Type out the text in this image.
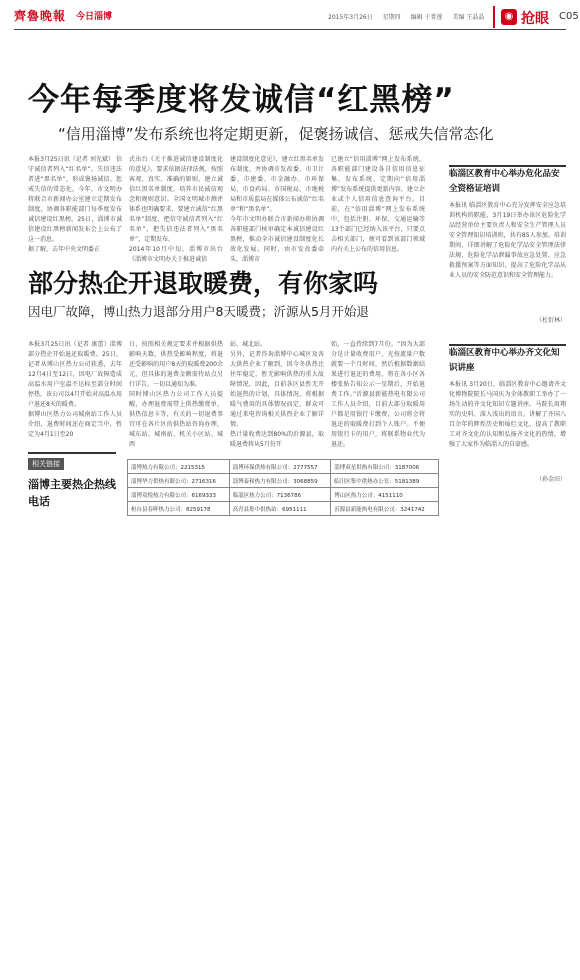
齊魯晚報 今日淄博	2015年3月26日 星期四 编辑 于菁莲 美编 王晶晶	◉ 抢眼 C05
今年每季度将发诚信“红黑榜”
“信用淄博”发布系统也将定期更新，促褒扬诚信、惩戒失信常态化
本报3月25日讯（记者 刘光斌） 信守诚信者列入“红名单”，失信违法者进“黑名单”，形成褒扬诚信、惩戒失信的常态化。今年，市文明办将联合市新闻办公室建立定期发布制度，协调各职能部门每季度发布诚信建设红黑榜。25日，淄博市诚信建设红黑榜新闻发布会上公布了这一消息。
据了解，去年中央文明委正
式出台《关于推进诚信建设制度化的意见》，要求依据法律法规，按照客观、真实、准确的原则，建立诚信红黑名单制度，培养市民诚信观念和规则意识。全国文明城市测评体系也明确要求，要建立诚信“红黑名单”制度，把信守诚信者列入“红名单”，把失信违法者列入“黑名单”，定期发布。
2014年10月中旬，淄博市出台《淄博市文明办关于推进诚信
建设制度化意见》，建立红黑名单发布制度，并协调市发改委、市卫计委、市建委、市金融办、市环保局、市食药局、市国税局、市地税局和市质监局在媒体公布诚信“红名单”和“黑名单”。
今年市文明办联合市新闻办将协调各职能部门核审确定本诚信建设红黑榜，推动全市诚信建设制度化长效化发展。同时，由市发改委牵头，淄博市
已建立“信用淄博”网上发布系统，各职能部门建设各自信用信息征集，发布系统，定期向“信用淄博”发布系统提供更新内容，建立企业或个人信用信息查询平台。目前，在“信用淄博”网上发布系统中，包括注册、环保、交通运输等13个部门已经纳入该平台，只要点击相关部门，便可看到该部门领域内有关上公布的信用信息。
临淄区教育中心举办危化品安全资格证培训
本报讯 临淄区教育中心充分发挥安全应急培训机构的职能，3月19日举办该区危险化学品经营单位主要负责人和安全生产管理人员安全管理知识培训班，共有85人参加。培训期间，详细讲解了危险化学品安全管理法律法规、危险化学品泄漏事故应急处置、应急救援预案等方面知识，提高了危险化学品从业人员的安全防范意识和安全管理能力。
（杜衍林）
临淄区教育中心举办齐文化知识讲座
本报讯 3月20日，临淄区教育中心邀请齐文化博物院院长马国庆为全体教职工举办了一场生动的齐文化知识专题讲座。马院长用翔实的史料、深入浅出的语言，讲解了齐国八百余年的辉煌历史和灿烂文化，提高了教职工对齐文化的认知和弘扬齐文化的热情，增强了大家作为临淄人的自豪感。
（孙金田）
部分热企开退取暖费，有你家吗
因电厂故障，博山热力退部分用户8天暖费；沂源从5月开始退
本报3月25日讯（记者 康蕾）淄博部分热企开始退还取暖费。25日，记者从博山区热力公司获悉，去年12月4日至12日，因电厂故障造成高温水用户室温不达标至部分时间停热，该公司以4月开始对高温水用户退还8天的暖费。
据博山区热力公司城南站工作人员介绍，退费时间还在商定当中，暂定为4月1日至20
日，按照相关规定要求并根据供热影响天数，供热受影响程度，将退还受影响的用户8天的取暖费200余元，但具体的退费金额需待站点另行详告，一切以通知为准。
同时博山区热力公司工作人员提醒，办理退费需带上供热缴费单，供热信息卡等，有关的一切退费事宜可在各片区的供热站咨询办理，城东站、城南站、机关小区站、城西
站、城北站。
另外，记者咨询淄博中心城区及各大供热企业了解到，因今冬供热比往年稳定，暂无影响供热的重大故障情况，因此，目前各区县暂无开始退热的计划，具体情况，将根据暖气费用的具体情况而定，群众可通过来电咨询相关供热企业了解详情。
热计量收费达到80%的沂源县，取暖退费将从5月份开
始，一直持续到7月份。“因为大部分是计量收费用户，光按流量户数就要一个月时间，然后根据数据结果进行退还的费用，将在各小区各楼张贴告知公示一星期后，开始退费工作。”沂源县新能热电有限公司工作人员介绍，目前大部分取暖用户都是用银行卡缴费，公司将会将退还的取暖费打到个人账户。不便用银行卡的用户，将联系物业代为退还。
相关链接
淄博主要热企热线电话
淄博热力有限公司：2215315	淄博环保供热有限公司：2777557	淄博双星供热有限公司：3187006
淄博华力供热有限公司：2716316	淄博泰和热力有限公司：3068859	临川区集中供热办公室：5181389
淄博双悦热力有限公司：6169333	临淄区热力公司：7136786	博山区热力公司：4151110
桓台县春晖热力公司：8259178	高青县集中供热站：6951111	沂源县新能热电有限公司：3241742
